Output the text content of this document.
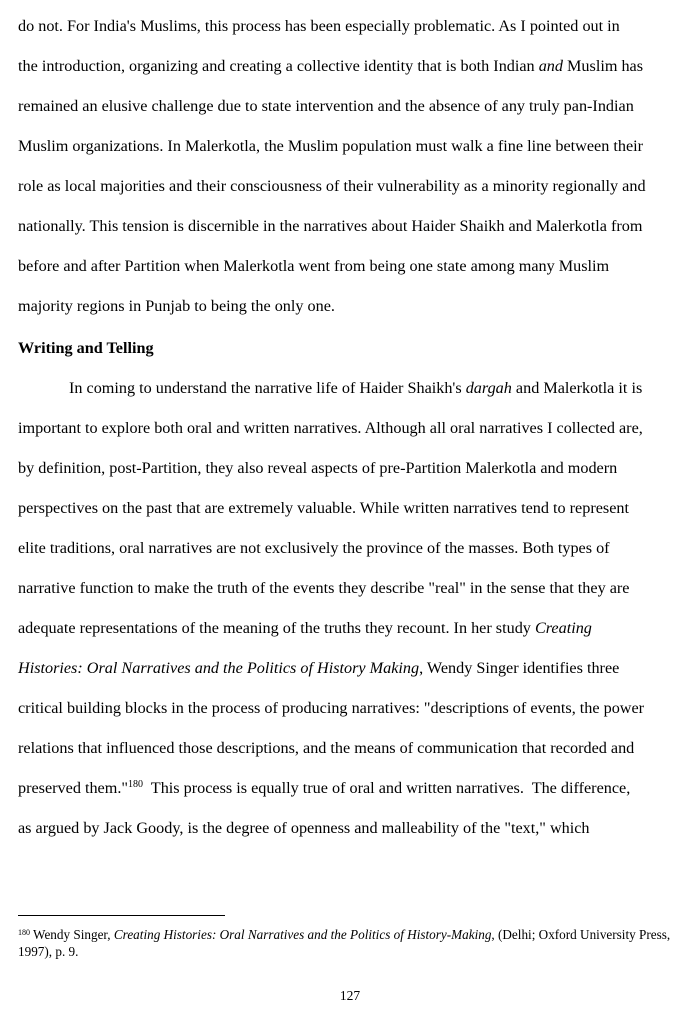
do not. For India's Muslims, this process has been especially problematic. As I pointed out in
the introduction, organizing and creating a collective identity that is both Indian and Muslim has
remained an elusive challenge due to state intervention and the absence of any truly pan-Indian
Muslim organizations. In Malerkotla, the Muslim population must walk a fine line between their
role as local majorities and their consciousness of their vulnerability as a minority regionally and
nationally. This tension is discernible in the narratives about Haider Shaikh and Malerkotla from
before and after Partition when Malerkotla went from being one state among many Muslim
majority regions in Punjab to being the only one.
Writing and Telling
In coming to understand the narrative life of Haider Shaikh's dargah and Malerkotla it is
important to explore both oral and written narratives. Although all oral narratives I collected are,
by definition, post-Partition, they also reveal aspects of pre-Partition Malerkotla and modern
perspectives on the past that are extremely valuable. While written narratives tend to represent
elite traditions, oral narratives are not exclusively the province of the masses. Both types of
narrative function to make the truth of the events they describe "real" in the sense that they are
adequate representations of the meaning of the truths they recount. In her study Creating
Histories: Oral Narratives and the Politics of History Making, Wendy Singer identifies three
critical building blocks in the process of producing narratives: "descriptions of events, the power
relations that influenced those descriptions, and the means of communication that recorded and
preserved them."$^{180}$  This process is equally true of oral and written narratives.  The difference,
as argued by Jack Goody, is the degree of openness and malleability of the "text," which
$^{180}$ Wendy Singer, Creating Histories: Oral Narratives and the Politics of History-Making, (Delhi; Oxford University Press, 1997), p. 9.
127
